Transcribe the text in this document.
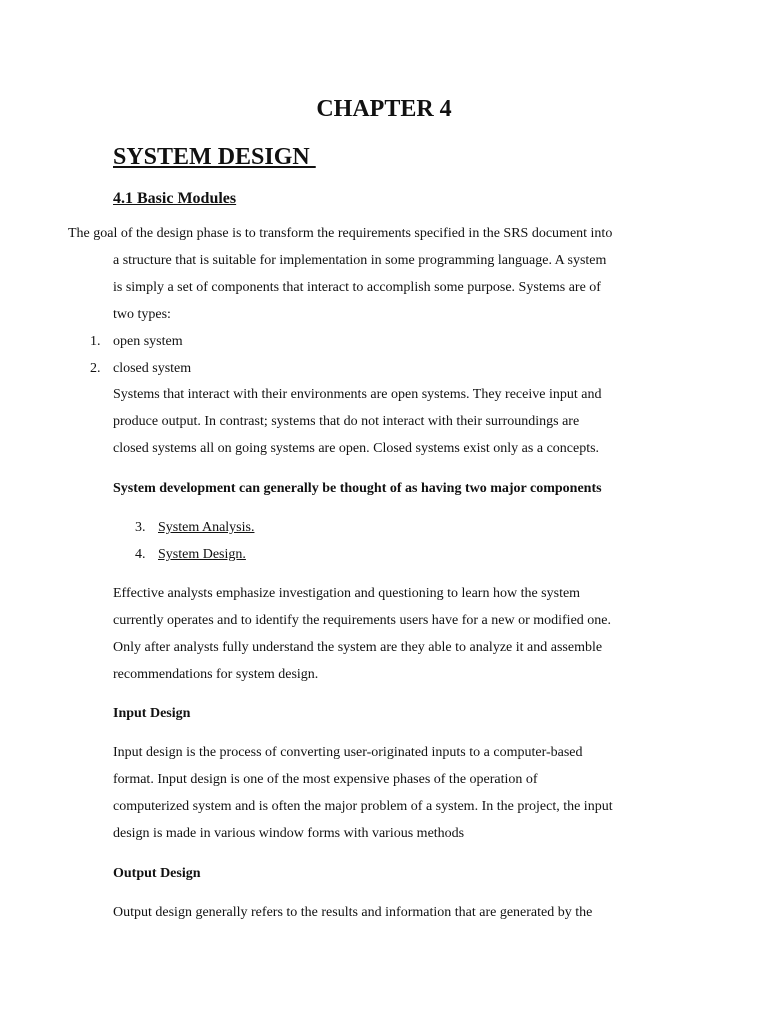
CHAPTER 4
SYSTEM DESIGN
4.1 Basic Modules
The goal of the design phase is to transform the requirements specified in the SRS document into
a structure that is suitable for implementation in some programming language. A system
is simply a set of components that interact to accomplish some purpose. Systems are of
two types:
1. open system
2. closed system
Systems that interact with their environments are open systems. They receive input and
produce output. In contrast; systems that do not interact with their surroundings are
closed systems all on going systems are open. Closed systems exist only as a concepts.
System development can generally be thought of as having two major components
3. System Analysis.
4. System Design.
Effective analysts emphasize investigation and questioning to learn how the system
currently operates and to identify the requirements users have for a new or modified one.
Only after analysts fully understand the system are they able to analyze it and assemble
recommendations for system design.
Input Design
Input design is the process of converting user-originated inputs to a computer-based
format. Input design is one of the most expensive phases of the operation of
computerized system and is often the major problem of a system. In the project, the input
design is made in various window forms with various methods
Output Design
Output design generally refers to the results and information that are generated by the
